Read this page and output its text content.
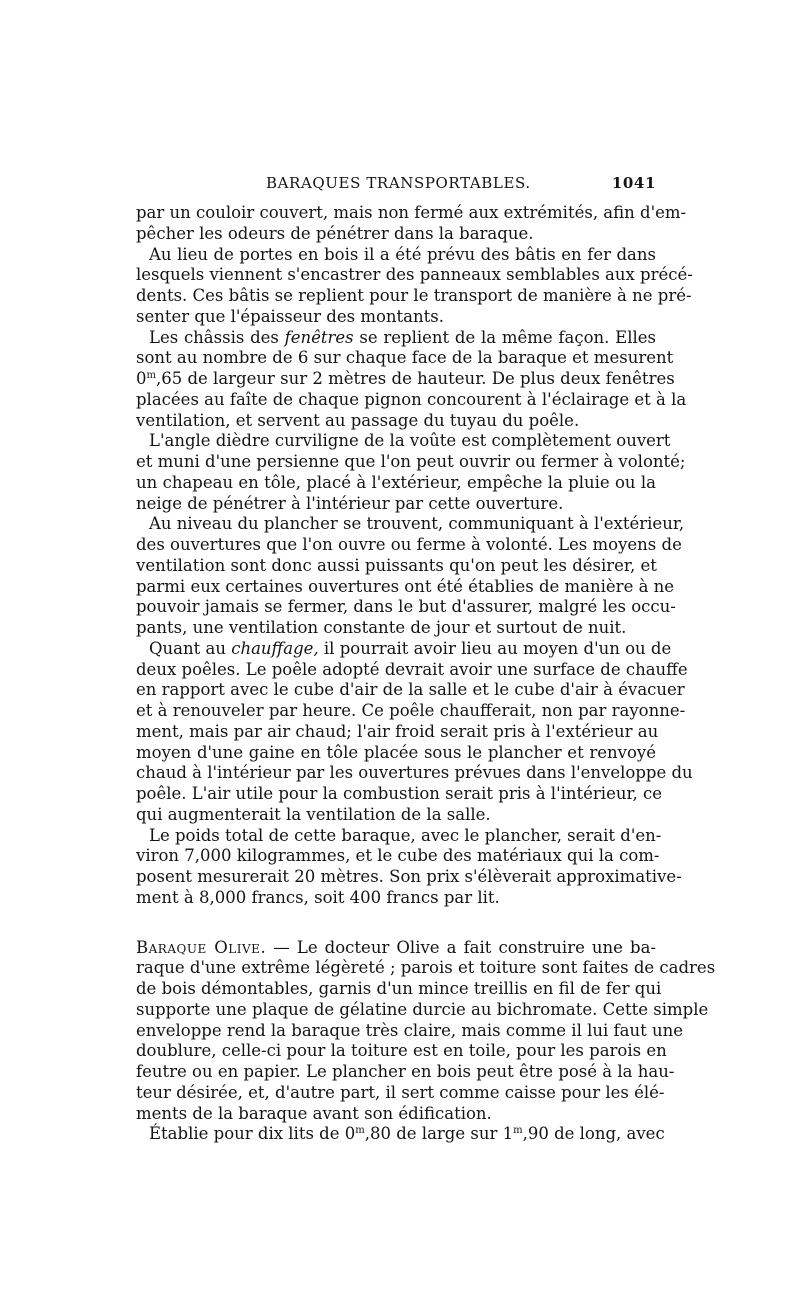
BARAQUES TRANSPORTABLES.	1041
par un couloir couvert, mais non fermé aux extrémités, afin d'em-
pêcher les odeurs de pénétrer dans la baraque.
Au lieu de portes en bois il a été prévu des bâtis en fer dans
lesquels viennent s'encastrer des panneaux semblables aux précé-
dents. Ces bâtis se replient pour le transport de manière à ne pré-
senter que l'épaisseur des montants.
Les châssis des fenêtres se replient de la même façon. Elles
sont au nombre de 6 sur chaque face de la baraque et mesurent
0$^m$,65 de largeur sur 2 mètres de hauteur. De plus deux fenêtres
placées au faîte de chaque pignon concourent à l'éclairage et à la
ventilation, et servent au passage du tuyau du poêle.
L'angle dièdre curviligne de la voûte est complètement ouvert
et muni d'une persienne que l'on peut ouvrir ou fermer à volonté;
un chapeau en tôle, placé à l'extérieur, empêche la pluie ou la
neige de pénétrer à l'intérieur par cette ouverture.
Au niveau du plancher se trouvent, communiquant à l'extérieur,
des ouvertures que l'on ouvre ou ferme à volonté. Les moyens de
ventilation sont donc aussi puissants qu'on peut les désirer, et
parmi eux certaines ouvertures ont été établies de manière à ne
pouvoir jamais se fermer, dans le but d'assurer, malgré les occu-
pants, une ventilation constante de jour et surtout de nuit.
Quant au chauffage, il pourrait avoir lieu au moyen d'un ou de
deux poêles. Le poêle adopté devrait avoir une surface de chauffe
en rapport avec le cube d'air de la salle et le cube d'air à évacuer
et à renouveler par heure. Ce poêle chaufferait, non par rayonne-
ment, mais par air chaud; l'air froid serait pris à l'extérieur au
moyen d'une gaine en tôle placée sous le plancher et renvoyé
chaud à l'intérieur par les ouvertures prévues dans l'enveloppe du
poêle. L'air utile pour la combustion serait pris à l'intérieur, ce
qui augmenterait la ventilation de la salle.
Le poids total de cette baraque, avec le plancher, serait d'en-
viron 7,000 kilogrammes, et le cube des matériaux qui la com-
posent mesurerait 20 mètres. Son prix s'élèverait approximative-
ment à 8,000 francs, soit 400 francs par lit.
Baraque Olive. — Le docteur Olive a fait construire une ba-
raque d'une extrême légèreté ; parois et toiture sont faites de cadres
de bois démontables, garnis d'un mince treillis en fil de fer qui
supporte une plaque de gélatine durcie au bichromate. Cette simple
enveloppe rend la baraque très claire, mais comme il lui faut une
doublure, celle-ci pour la toiture est en toile, pour les parois en
feutre ou en papier. Le plancher en bois peut être posé à la hau-
teur désirée, et, d'autre part, il sert comme caisse pour les élé-
ments de la baraque avant son édification.
Établie pour dix lits de 0$^m$,80 de large sur 1$^m$,90 de long, avec
